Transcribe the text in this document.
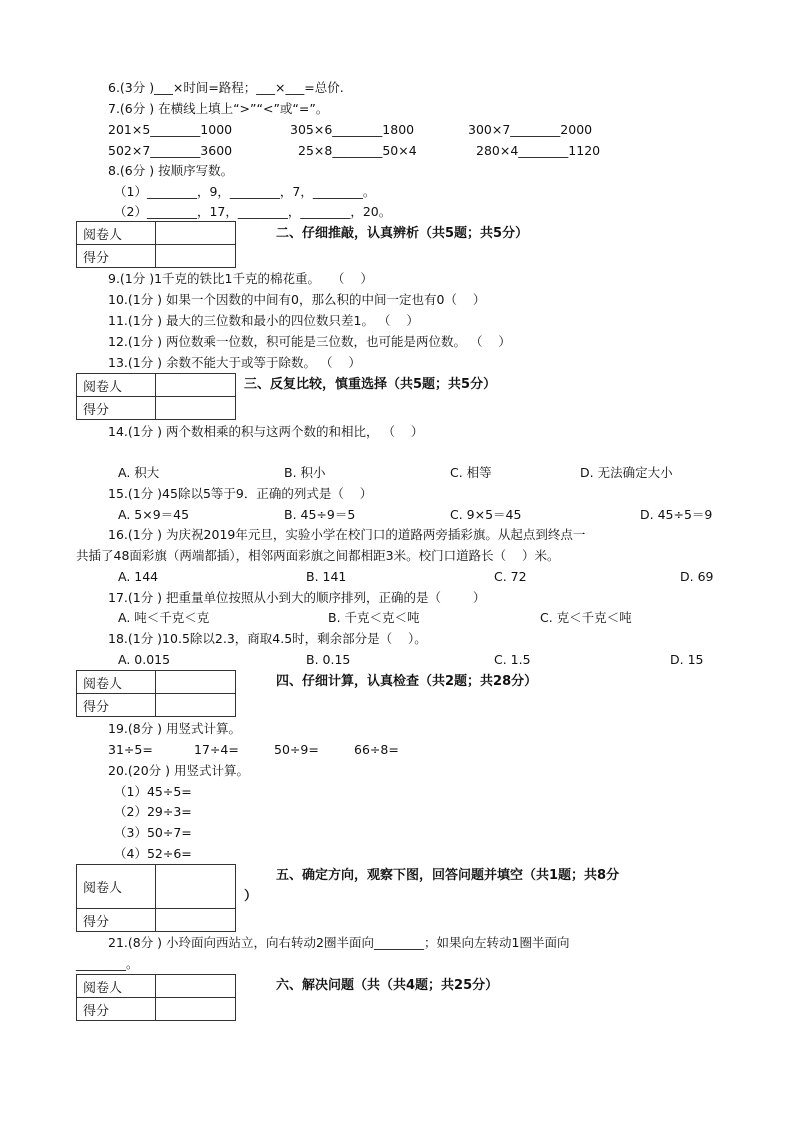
6.(3分 )___×时间=路程；___×___=总价.
7.(6分 ) 在横线上填上“>”“<”或“=”。
201×5________1000	305×6________1800	300×7________2000
502×7________3600	25×8________50×4	280×4________1120
8.(6分 ) 按顺序写数。
（1）________，9，________，7，________。
（2）________，17，________，________，20。
阅卷人	
得分	
二、仔细推敲，认真辨析（共5题；共5分）
9.(1分 )1千克的铁比1千克的棉花重。   （    ）
10.(1分 ) 如果一个因数的中间有0，那么积的中间一定也有0（    ）
11.(1分 ) 最大的三位数和最小的四位数只差1。 （    ）
12.(1分 ) 两位数乘一位数，积可能是三位数，也可能是两位数。 （    ）
13.(1分 ) 余数不能大于或等于除数。 （    ）
阅卷人	
得分	
三、反复比较，慎重选择（共5题；共5分）
14.(1分 ) 两个数相乘的积与这两个数的和相比， （    ）
A. 积大	B. 积小	C. 相等	D. 无法确定大小
15.(1分 )45除以5等于9．正确的列式是（    ）
A. 5×9＝45	B. 45÷9＝5	C. 9×5＝45	D. 45÷5＝9
16.(1分 ) 为庆祝2019年元旦，实验小学在校门口的道路两旁插彩旗。从起点到终点一
共插了48面彩旗（两端都插），相邻两面彩旗之间都相距3米。校门口道路长（    ）米。
A. 144	B. 141	C. 72	D. 69
17.(1分 ) 把重量单位按照从小到大的顺序排列，正确的是（        ）
A. 吨＜千克＜克	B. 千克＜克＜吨	C. 克＜千克＜吨
18.(1分 )10.5除以2.3，商取4.5时，剩余部分是（    ）。
A. 0.015	B. 0.15	C. 1.5	D. 15
阅卷人	
得分	
四、仔细计算，认真检查（共2题；共28分）
19.(8分 ) 用竖式计算。
31÷5=	17÷4=	50÷9=	66÷8=
20.(20分 ) 用竖式计算。
（1）45÷5=
（2）29÷3=
（3）50÷7=
（4）52÷6=
阅卷人	
得分	
五、确定方向，观察下图，回答问题并填空（共1题；共8分
）
21.(8分 ) 小玲面向西站立，向右转动2圈半面向________；如果向左转动1圈半面向
________。
阅卷人	
得分	
六、解决问题（共（共4题；共25分）
